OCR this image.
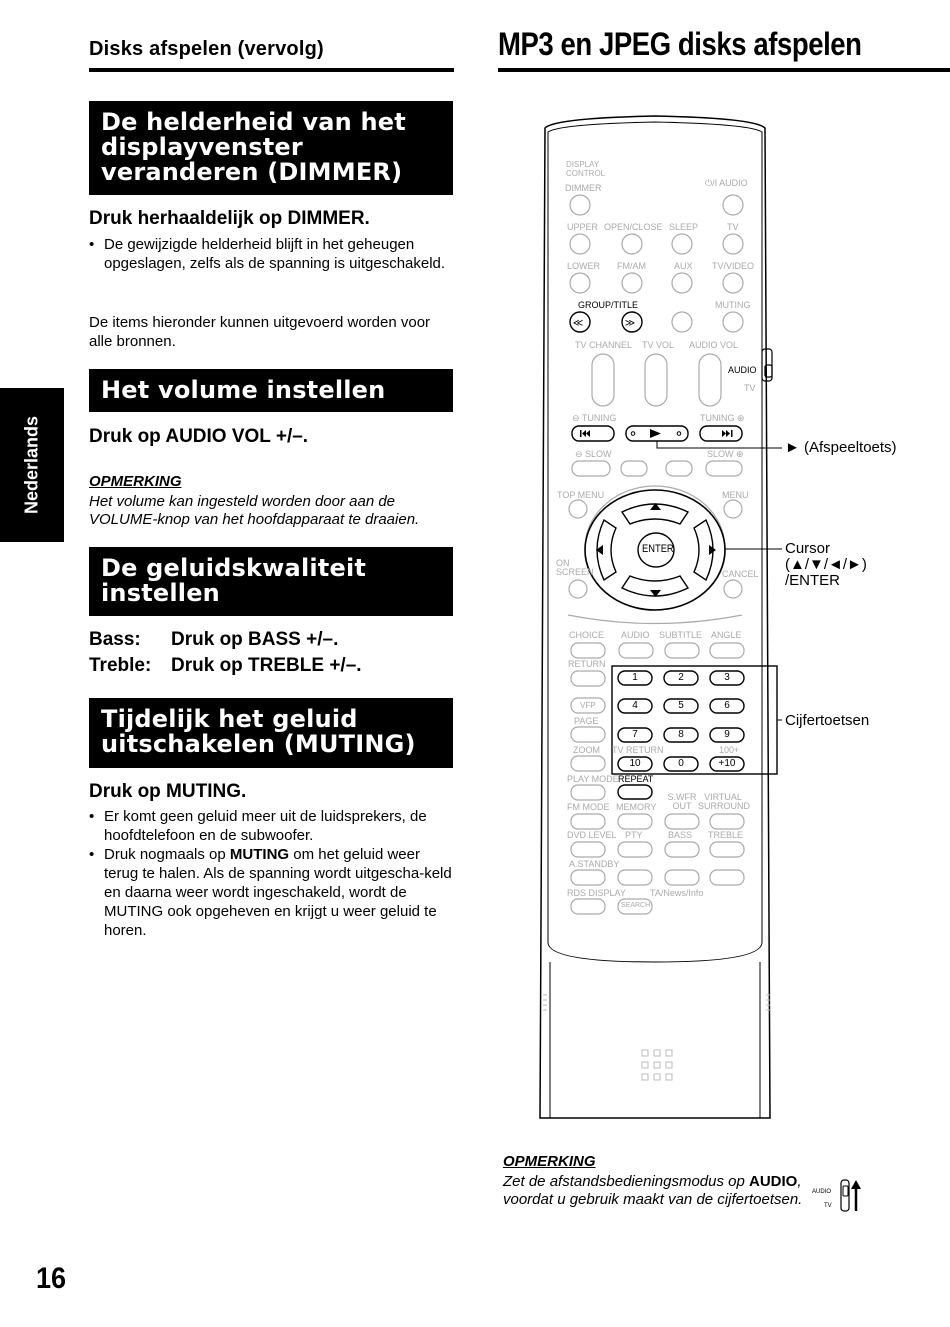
Disks afspelen (vervolg)	MP3 en JPEG disks afspelen
Nederlands
De helderheid van het
displayvenster
veranderen (DIMMER)
Druk herhaaldelijk op DIMMER.
• De gewijzigde helderheid blijft in het geheugen opgeslagen, zelfs als de spanning is uitgeschakeld.
De items hieronder kunnen uitgevoerd worden voor alle bronnen.
Het volume instellen
Druk op AUDIO VOL +/–.
OPMERKING
Het volume kan ingesteld worden door aan de VOLUME-knop van het hoofdapparaat te draaien.
De geluidskwaliteit
instellen
Bass: Druk op BASS +/–.
Treble: Druk op TREBLE +/–.
Tijdelijk het geluid
uitschakelen (MUTING)
Druk op MUTING.
• Er komt geen geluid meer uit de luidsprekers, de hoofdtelefoon en de subwoofer.
• Druk nogmaals op MUTING om het geluid weer terug te halen. Als de spanning wordt uitgescha-keld en daarna weer wordt ingeschakeld, wordt de MUTING ook opgeheven en krijgt u weer geluid te horen.
16
≪	≫
DISPLAY CONTROL
DIMMER	⏻/I AUDIO
UPPER OPEN/CLOSE SLEEP	TV
LOWER FM/AM	AUX TV/VIDEO
GROUP/TITLE	MUTING
TV CHANNEL TV VOL AUDIO VOL
AUDIO
TV
⊖ TUNING	TUNING ⊕
⊖ SLOW	SLOW ⊕
TOP MENU	MENU
ON SCREEN	CANCEL
ENTER
CHOICE AUDIO SUBTITLE ANGLE
RETURN
VFP
PAGE
ZOOM TV RETURN	100+
PLAY MODE REPEAT
FM MODE MEMORY
S.WFR OUT
VIRTUAL SURROUND
DVD LEVEL PTY	BASS TREBLE
A.STANDBY
RDS DISPLAY	TA/News/Info
SEARCH
1	2	3
4	5	6
7	8	9
10	0	+10
► (Afspeeltoets)
Cursor
(▲/▼/◄/►)
/ENTER
Cijfertoetsen
OPMERKING
Zet de afstandsbedieningsmodus op AUDIO, voordat u gebruik maakt van de cijfertoetsen.	AUDIO
TV
